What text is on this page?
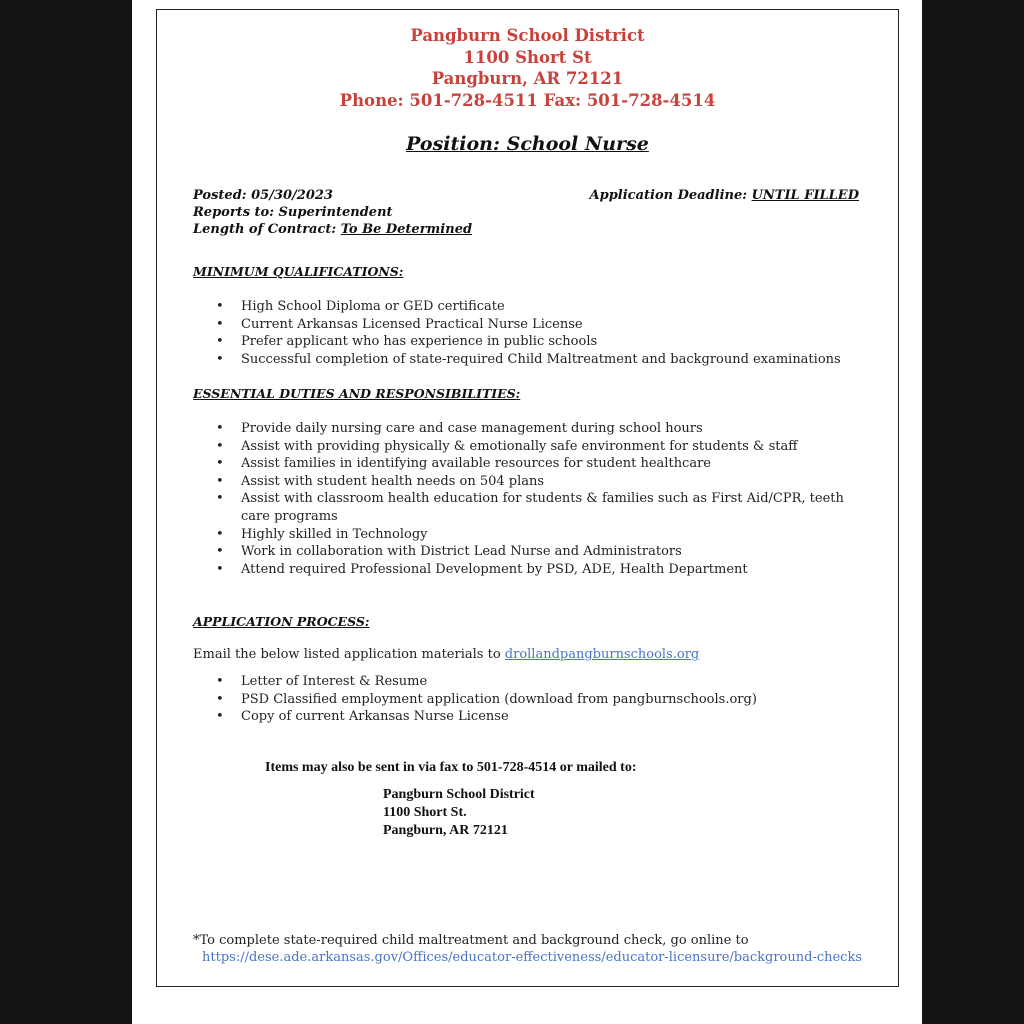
Pangburn School District
1100 Short St
Pangburn, AR 72121
Phone: 501-728-4511 Fax: 501-728-4514
Position: School Nurse
Posted: 05/30/2023	Application Deadline: UNTIL FILLED
Reports to: Superintendent
Length of Contract: To Be Determined
MINIMUM QUALIFICATIONS:
• High School Diploma or GED certificate
• Current Arkansas Licensed Practical Nurse License
• Prefer applicant who has experience in public schools
• Successful completion of state-required Child Maltreatment and background examinations
ESSENTIAL DUTIES AND RESPONSIBILITIES:
• Provide daily nursing care and case management during school hours
• Assist with providing physically & emotionally safe environment for students & staff
• Assist families in identifying available resources for student healthcare
• Assist with student health needs on 504 plans
• Assist with classroom health education for students & families such as First Aid/CPR, teeth care programs
• Highly skilled in Technology
• Work in collaboration with District Lead Nurse and Administrators
• Attend required Professional Development by PSD, ADE, Health Department
APPLICATION PROCESS:
Email the below listed application materials to drollandpangburnschools.org
• Letter of Interest & Resume
• PSD Classified employment application (download from pangburnschools.org)
• Copy of current Arkansas Nurse License
Items may also be sent in via fax to 501-728-4514 or mailed to:
Pangburn School District
1100 Short St.
Pangburn, AR 72121
*To complete state-required child maltreatment and background check, go online to
https://dese.ade.arkansas.gov/Offices/educator-effectiveness/educator-licensure/background-checks
